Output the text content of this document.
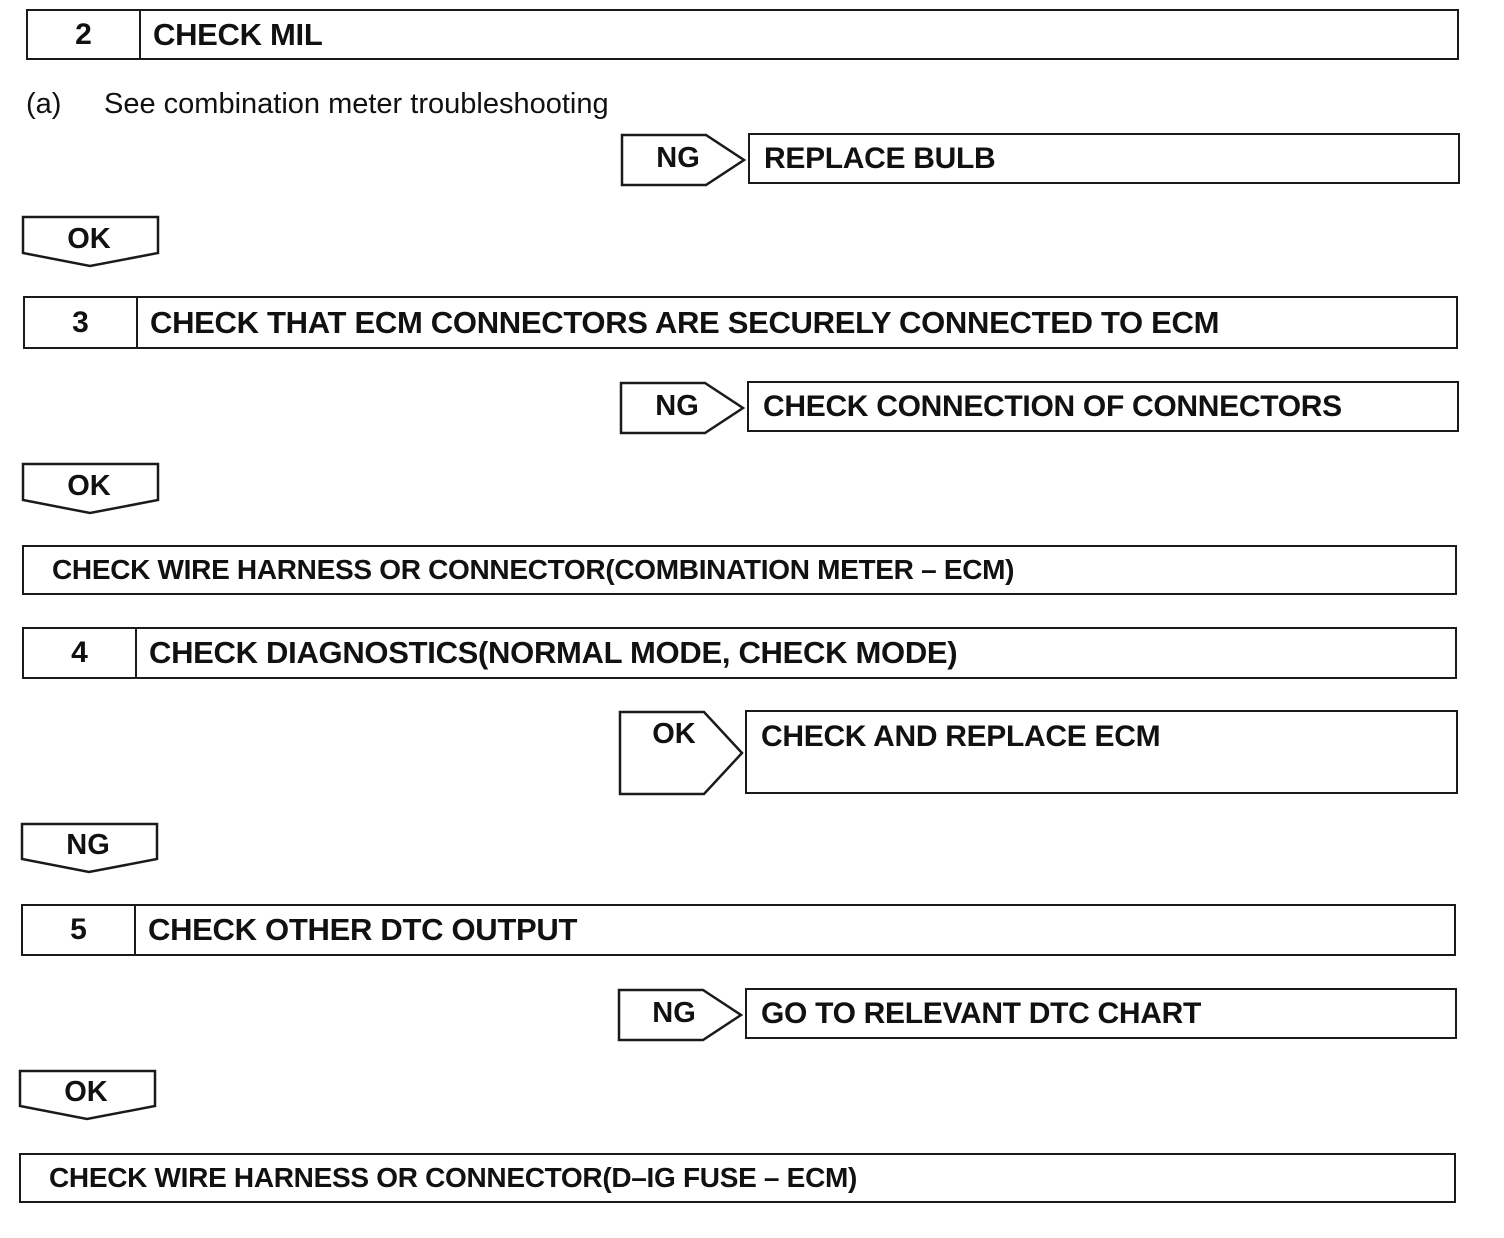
2	CHECK MIL
(a) See combination meter troubleshooting
NG	REPLACE BULB
OK
3	CHECK THAT ECM CONNECTORS ARE SECURELY CONNECTED TO ECM
NG	CHECK CONNECTION OF CONNECTORS
OK
CHECK WIRE HARNESS OR CONNECTOR(COMBINATION METER – ECM)
4	CHECK DIAGNOSTICS(NORMAL MODE, CHECK MODE)
OK	CHECK AND REPLACE ECM
NG
5	CHECK OTHER DTC OUTPUT
NG	GO TO RELEVANT DTC CHART
OK
CHECK WIRE HARNESS OR CONNECTOR(D–IG FUSE – ECM)
